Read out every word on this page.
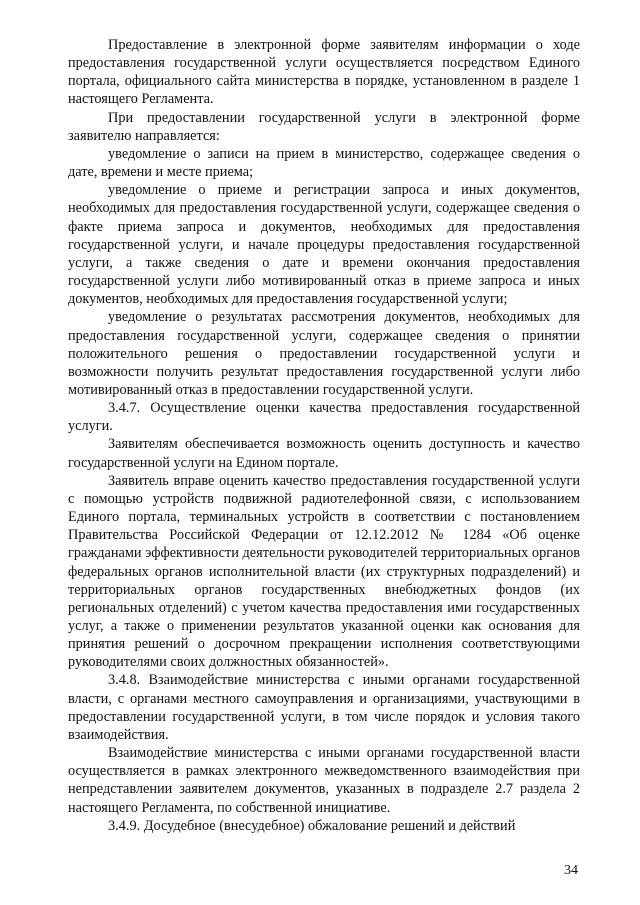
Предоставление в электронной форме заявителям информации о ходе предоставления государственной услуги осуществляется посредством Единого портала, официального сайта министерства в порядке, установленном в разделе 1 настоящего Регламента.

При предоставлении государственной услуги в электронной форме заявителю направляется:

уведомление о записи на прием в министерство, содержащее сведения о дате, времени и месте приема;

уведомление о приеме и регистрации запроса и иных документов, необходимых для предоставления государственной услуги, содержащее сведения о факте приема запроса и документов, необходимых для предоставления государственной услуги, и начале процедуры предоставления государственной услуги, а также сведения о дате и времени окончания предоставления государственной услуги либо мотивированный отказ в приеме запроса и иных документов, необходимых для предоставления государственной услуги;

уведомление о результатах рассмотрения документов, необходимых для предоставления государственной услуги, содержащее сведения о принятии положительного решения о предоставлении государственной услуги и возможности получить результат предоставления государственной услуги либо мотивированный отказ в предоставлении государственной услуги.

3.4.7. Осуществление оценки качества предоставления государственной услуги.

Заявителям обеспечивается возможность оценить доступность и качество государственной услуги на Едином портале.

Заявитель вправе оценить качество предоставления государственной услуги с помощью устройств подвижной радиотелефонной связи, с использованием Единого портала, терминальных устройств в соответствии с постановлением Правительства Российской Федерации от 12.12.2012 № 1284 «Об оценке гражданами эффективности деятельности руководителей территориальных органов федеральных органов исполнительной власти (их структурных подразделений) и территориальных органов государственных внебюджетных фондов (их региональных отделений) с учетом качества предоставления ими государственных услуг, а также о применении результатов указанной оценки как основания для принятия решений о досрочном прекращении исполнения соответствующими руководителями своих должностных обязанностей».

3.4.8. Взаимодействие министерства с иными органами государственной власти, с органами местного самоуправления и организациями, участвующими в предоставлении государственной услуги, в том числе порядок и условия такого взаимодействия.

Взаимодействие министерства с иными органами государственной власти осуществляется в рамках электронного межведомственного взаимодействия при непредставлении заявителем документов, указанных в подразделе 2.7 раздела 2 настоящего Регламента, по собственной инициативе.

3.4.9. Досудебное (внесудебное) обжалование решений и действий

34
